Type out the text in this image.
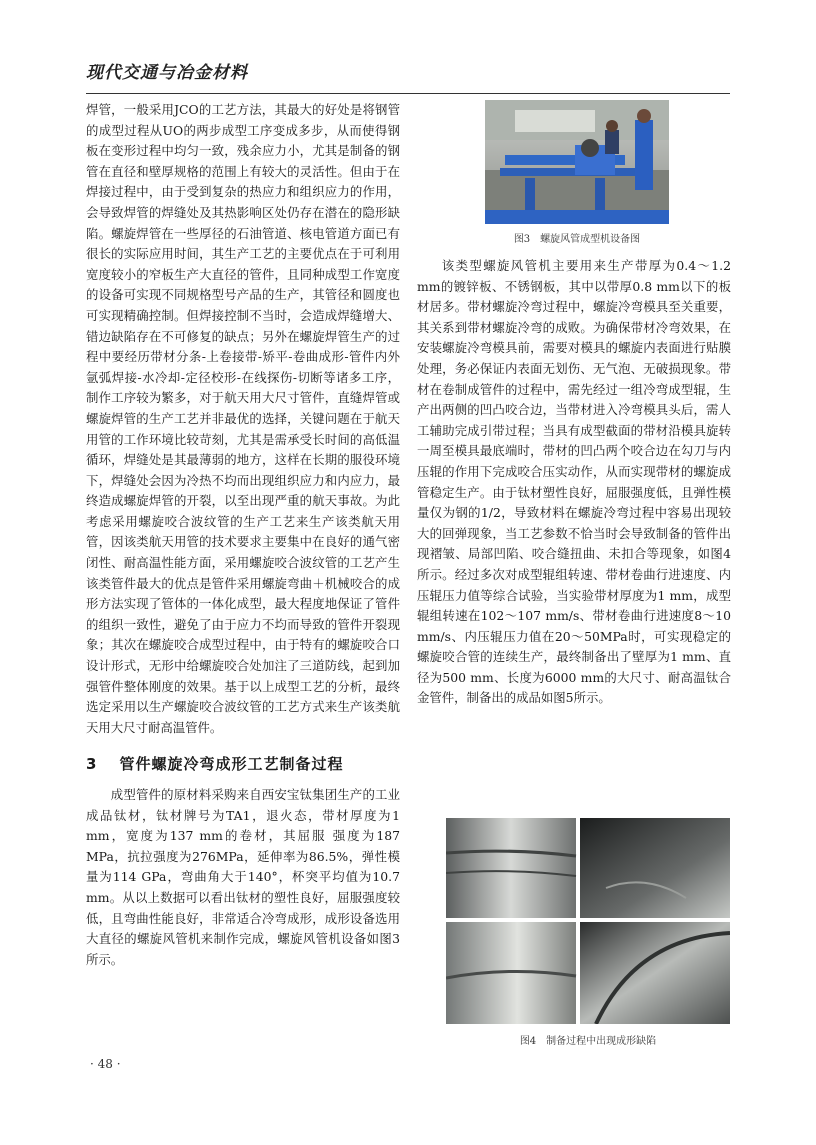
现代交通与冶金材料

焊管，一般采用JCO的工艺方法，其最大的好处是将钢管的成型过程从UO的两步成型工序变成多步，从而使得钢板在变形过程中均匀一致，残余应力小，尤其是制备的钢管在直径和壁厚规格的范围上有较大的灵活性。但由于在焊接过程中，由于受到复杂的热应力和组织应力的作用，会导致焊管的焊缝处及其热影响区处仍存在潜在的隐形缺陷。螺旋焊管在一些厚径的石油管道、核电管道方面已有很长的实际应用时间，其生产工艺的主要优点在于可利用宽度较小的窄板生产大直径的管件，且同种成型工作宽度的设备可实现不同规格型号产品的生产，其管径和圆度也可实现精确控制。但焊接控制不当时，会造成焊缝增大、错边缺陷存在不可修复的缺点；另外在螺旋焊管生产的过程中要经历带材分条-上卷接带-矫平-卷曲成形-管件内外氩弧焊接-水冷却-定径校形-在线探伤-切断等诸多工序，制作工序较为繁多，对于航天用大尺寸管件，直缝焊管或螺旋焊管的生产工艺并非最优的选择，关键问题在于航天用管的工作环境比较苛刻，尤其是需承受长时间的高低温循环，焊缝处是其最薄弱的地方，这样在长期的服役环境下，焊缝处会因为冷热不均而出现组织应力和内应力，最终造成螺旋焊管的开裂，以至出现严重的航天事故。为此考虑采用螺旋咬合波纹管的生产工艺来生产该类航天用管，因该类航天用管的技术要求主要集中在良好的通气密闭性、耐高温性能方面，采用螺旋咬合波纹管的工艺产生该类管件最大的优点是管件采用螺旋弯曲＋机械咬合的成形方法实现了管体的一体化成型，最大程度地保证了管件的组织一致性，避免了由于应力不均而导致的管件开裂现象；其次在螺旋咬合成型过程中，由于特有的螺旋咬合口设计形式，无形中给螺旋咬合处加注了三道防线，起到加强管件整体刚度的效果。基于以上成型工艺的分析，最终选定采用以生产螺旋咬合波纹管的工艺方式来生产该类航天用大尺寸耐高温管件。

3 管件螺旋冷弯成形工艺制备过程

成型管件的原材料采购来自西安宝钛集团生产的工业成品钛材，钛材牌号为TA1，退火态，带材厚度为1 mm，宽度为137 mm的卷材，其屈服 强度为187 MPa，抗拉强度为276MPa，延伸率为86.5%，弹性模量为114 GPa，弯曲角大于140°，杯突平均值为10.7 mm。从以上数据可以看出钛材的塑性良好，屈服强度较低，且弯曲性能良好，非常适合冷弯成形，成形设备选用大直径的螺旋风管机来制作完成，螺旋风管机设备如图3所示。

图3　螺旋风管成型机设备图

该类型螺旋风管机主要用来生产带厚为0.4～1.2 mm的镀锌板、不锈钢板，其中以带厚0.8 mm以下的板材居多。带材螺旋冷弯过程中，螺旋冷弯模具至关重要，其关系到带材螺旋冷弯的成败。为确保带材冷弯效果，在安装螺旋冷弯模具前，需要对模具的螺旋内表面进行贴膜处理，务必保证内表面无划伤、无气泡、无破损现象。带材在卷制成管件的过程中，需先经过一组冷弯成型辊，生产出两侧的凹凸咬合边，当带材进入冷弯模具头后，需人工辅助完成引带过程；当具有成型截面的带材沿模具旋转一周至模具最底端时，带材的凹凸两个咬合边在勾刀与内压辊的作用下完成咬合压实动作，从而实现带材的螺旋成管稳定生产。由于钛材塑性良好，屈服强度低，且弹性模量仅为钢的1/2，导致材料在螺旋冷弯过程中容易出现较大的回弹现象，当工艺参数不恰当时会导致制备的管件出现褶皱、局部凹陷、咬合缝扭曲、未扣合等现象，如图4所示。经过多次对成型辊组转速、带材卷曲行进速度、内压辊压力值等综合试验，当实验带材厚度为1 mm，成型辊组转速在102～107 mm/s、带材卷曲行进速度8～10 mm/s、内压辊压力值在20～50MPa时，可实现稳定的螺旋咬合管的连续生产，最终制备出了壁厚为1 mm、直径为500 mm、长度为6000 mm的大尺寸、耐高温钛合金管件，制备出的成品如图5所示。

图4　制备过程中出现成形缺陷
· 48 ·
